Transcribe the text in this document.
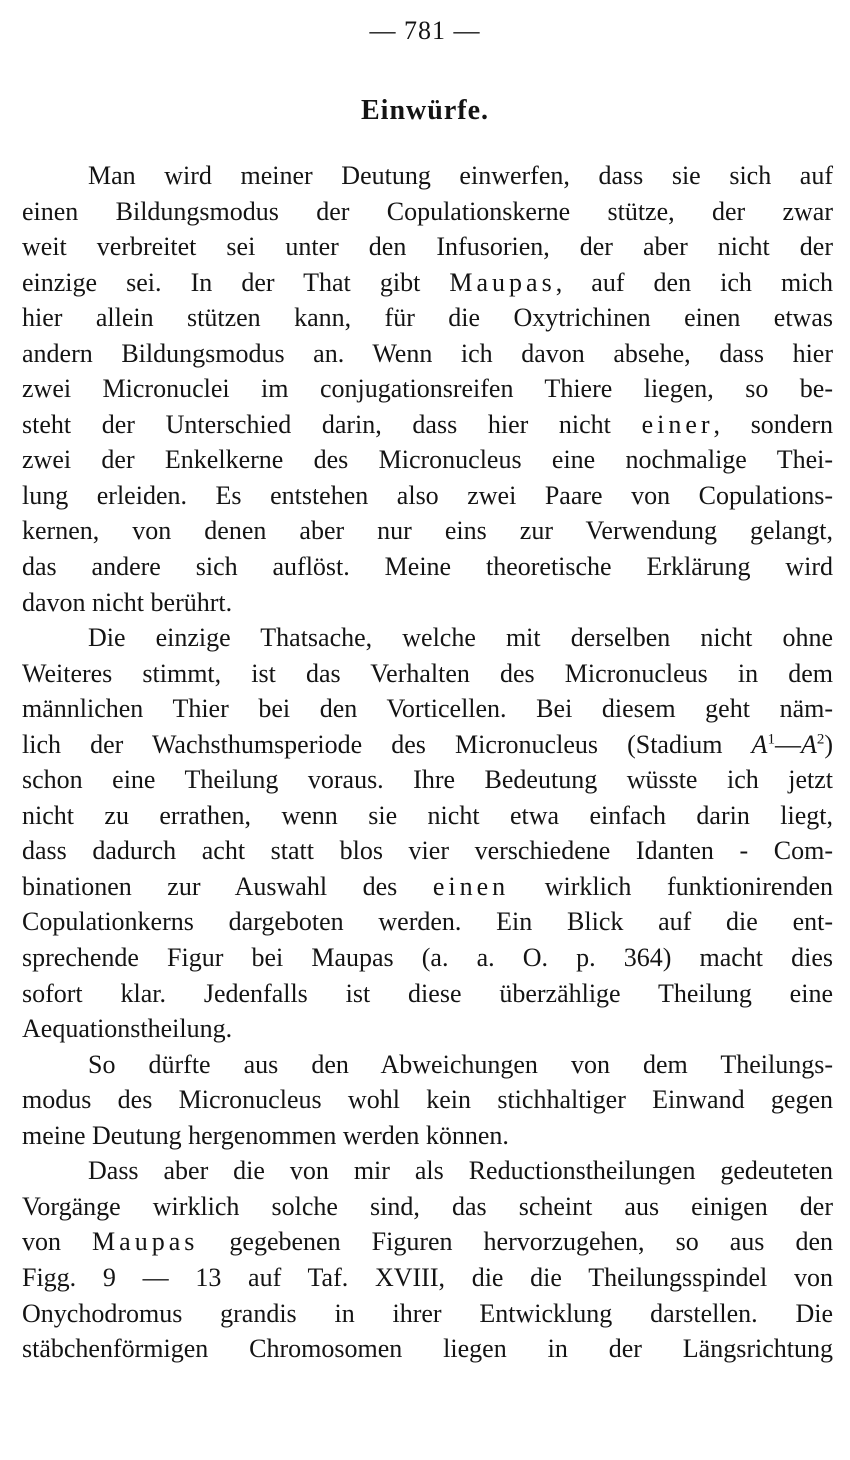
— 781 —
Einwürfe.
Man wird meiner Deutung einwerfen, dass sie sich auf
einen Bildungsmodus der Copulationskerne stütze, der zwar
weit verbreitet sei unter den Infusorien, der aber nicht der
einzige sei. In der That gibt Maupas, auf den ich mich
hier allein stützen kann, für die Oxytrichinen einen etwas
andern Bildungsmodus an. Wenn ich davon absehe, dass hier
zwei Micronuclei im conjugationsreifen Thiere liegen, so be-
steht der Unterschied darin, dass hier nicht einer, sondern
zwei der Enkelkerne des Micronucleus eine nochmalige Thei-
lung erleiden. Es entstehen also zwei Paare von Copulations-
kernen, von denen aber nur eins zur Verwendung gelangt,
das andere sich auflöst. Meine theoretische Erklärung wird
davon nicht berührt.
Die einzige Thatsache, welche mit derselben nicht ohne
Weiteres stimmt, ist das Verhalten des Micronucleus in dem
männlichen Thier bei den Vorticellen. Bei diesem geht näm-
lich der Wachsthumsperiode des Micronucleus (Stadium $A^1—A^2$)
schon eine Theilung voraus. Ihre Bedeutung wüsste ich jetzt
nicht zu errathen, wenn sie nicht etwa einfach darin liegt,
dass dadurch acht statt blos vier verschiedene Idanten - Com-
binationen zur Auswahl des einen wirklich funktionirenden
Copulationkerns dargeboten werden. Ein Blick auf die ent-
sprechende Figur bei Maupas (a. a. O. p. 364) macht dies
sofort klar. Jedenfalls ist diese überzählige Theilung eine
Aequationstheilung.
So dürfte aus den Abweichungen von dem Theilungs-
modus des Micronucleus wohl kein stichhaltiger Einwand gegen
meine Deutung hergenommen werden können.
Dass aber die von mir als Reductionstheilungen gedeuteten
Vorgänge wirklich solche sind, das scheint aus einigen der
von Maupas gegebenen Figuren hervorzugehen, so aus den
Figg. 9 — 13 auf Taf. XVIII, die die Theilungsspindel von
Onychodromus grandis in ihrer Entwicklung darstellen. Die
stäbchenförmigen Chromosomen liegen in der Längsrichtung
